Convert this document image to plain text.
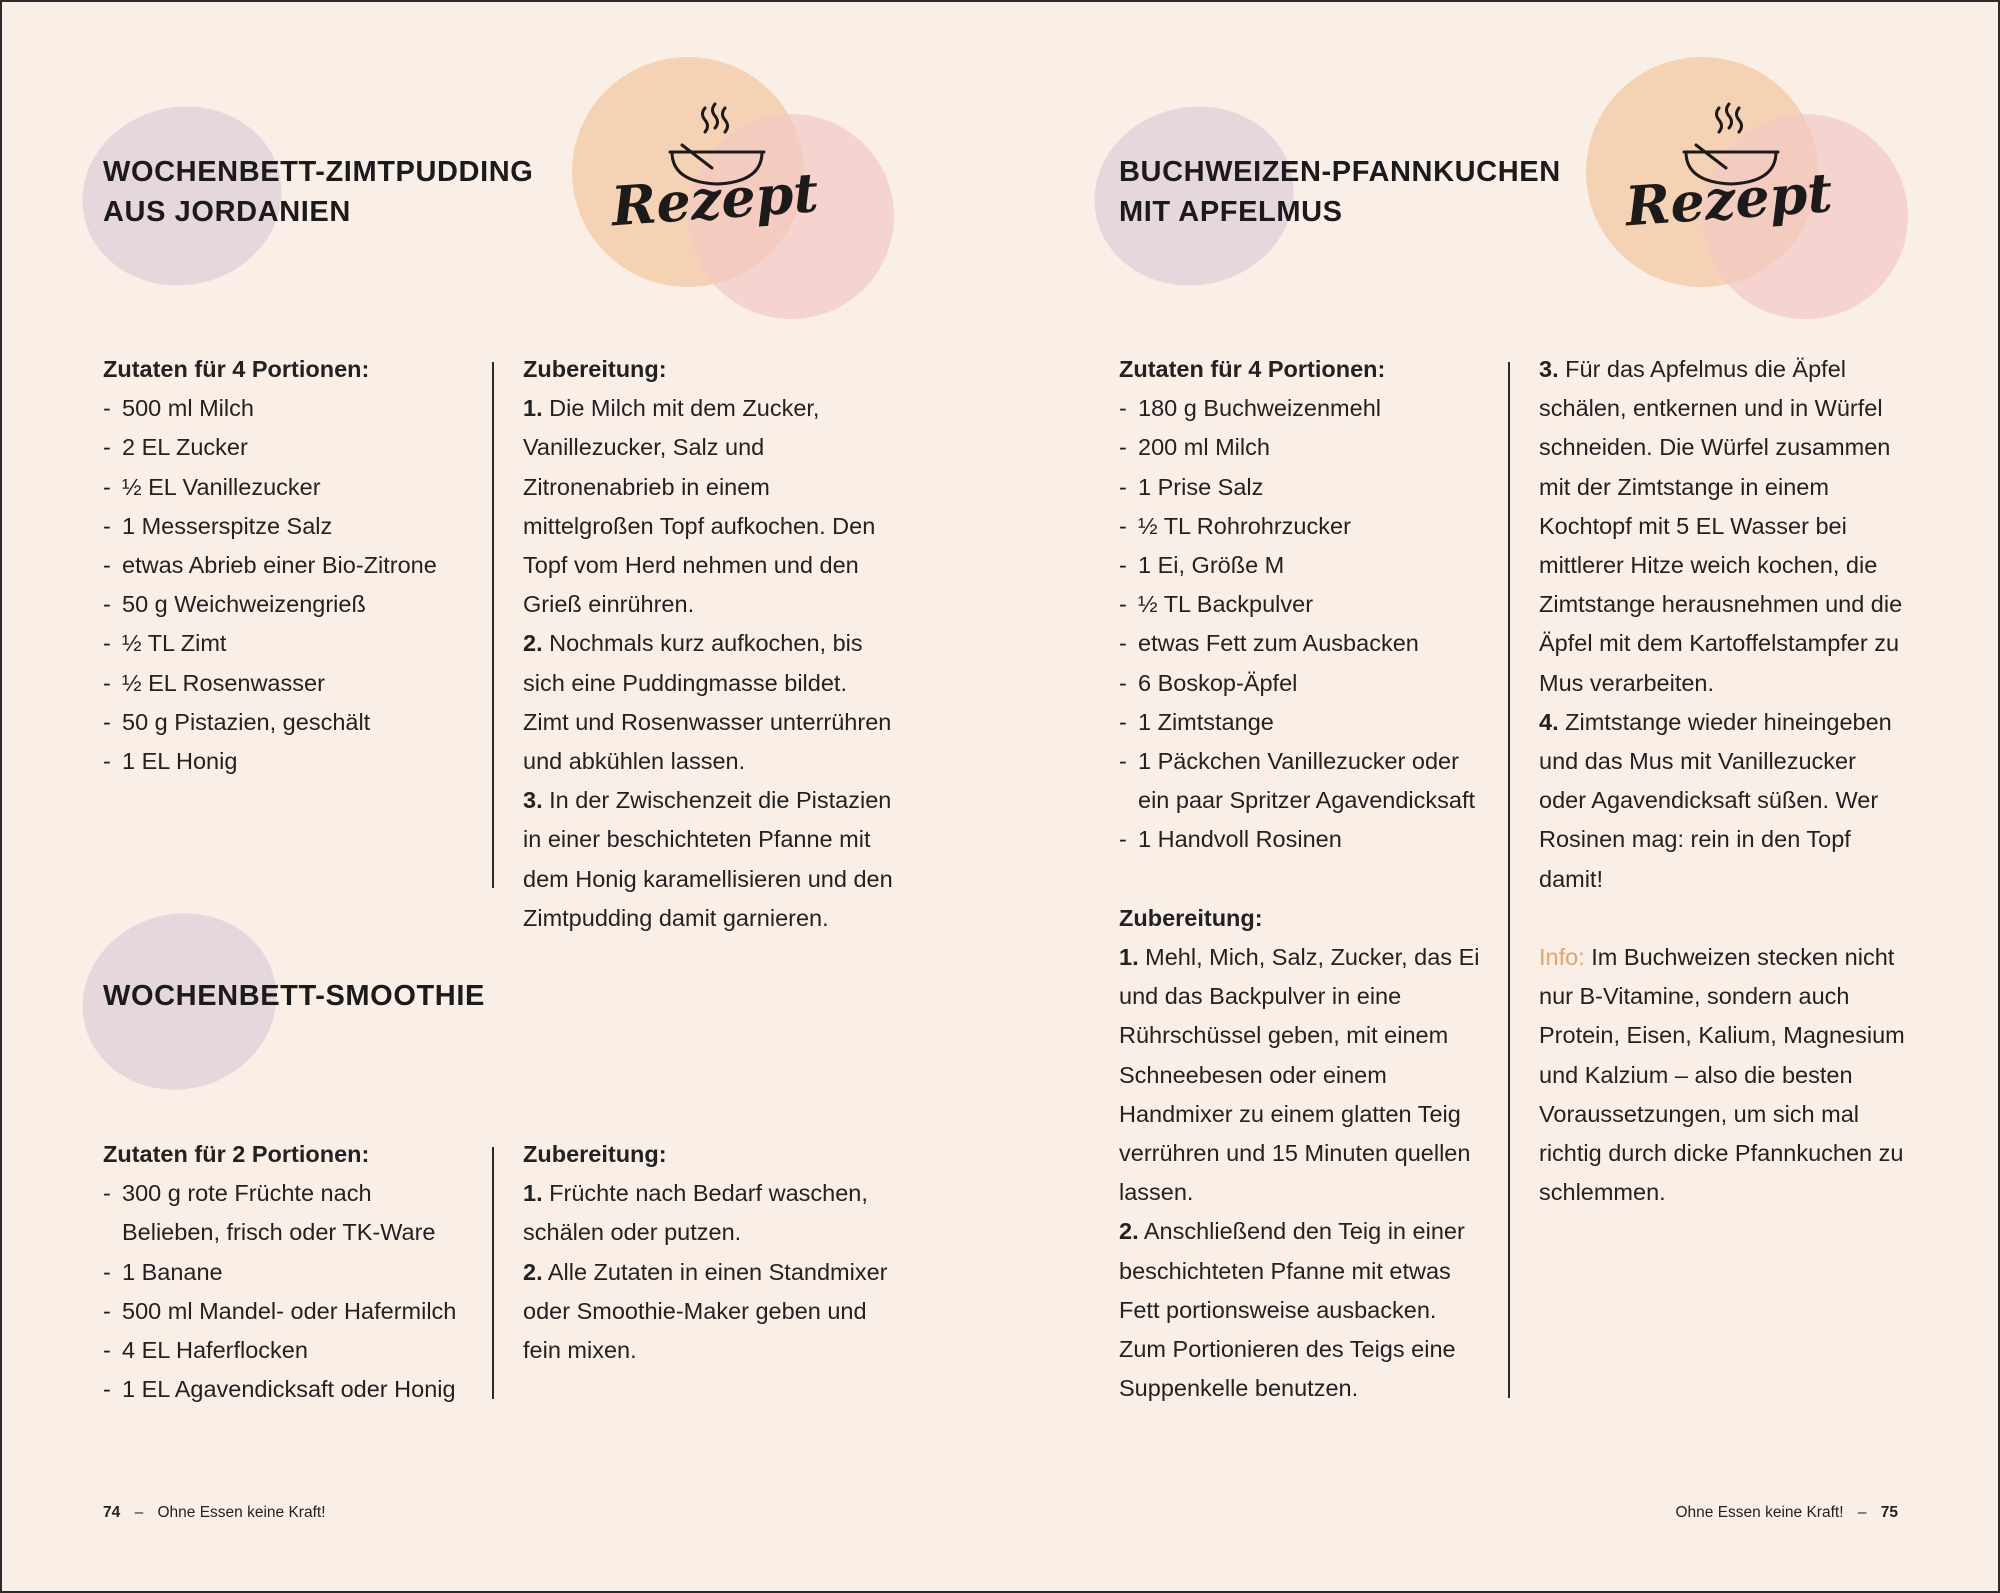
WOCHENBETT-ZIMTPUDDING
AUS JORDANIEN	Rezept
Zutaten für 4 Portionen:
- 500 ml Milch
- 2 EL Zucker
- ½ EL Vanillezucker
- 1 Messerspitze Salz
- etwas Abrieb einer Bio-Zitrone
- 50 g Weichweizengrieß
- ½ TL Zimt
- ½ EL Rosenwasser
- 50 g Pistazien, geschält
- 1 EL Honig
Zubereitung:

1. Die Milch mit dem Zucker, Vanillezucker, Salz und Zitronenabrieb in einem mittelgroßen Topf aufkochen. Den Topf vom Herd nehmen und den Grieß einrühren.

2. Nochmals kurz aufkochen, bis sich eine Puddingmasse bildet. Zimt und Rosenwasser unterrühren und abkühlen lassen.

3. In der Zwischenzeit die Pistazien in einer beschichteten Pfanne mit dem Honig karamellisieren und den Zimtpudding damit garnieren.

WOCHENBETT-SMOOTHIE
Zutaten für 2 Portionen:
- 300 g rote Früchte nach Belieben, frisch oder TK-Ware
- 1 Banane
- 500 ml Mandel- oder Hafermilch
- 4 EL Haferflocken
- 1 EL Agavendicksaft oder Honig
Zubereitung:

1. Früchte nach Bedarf waschen, schälen oder putzen.

2. Alle Zutaten in einen Standmixer oder Smoothie-Maker geben und fein mixen.

BUCHWEIZEN-PFANNKUCHEN
MIT APFELMUS	Rezept
Zutaten für 4 Portionen:
- 180 g Buchweizenmehl
- 200 ml Milch
- 1 Prise Salz
- ½ TL Rohrohrzucker
- 1 Ei, Größe M
- ½ TL Backpulver
- etwas Fett zum Ausbacken
- 6 Boskop-Äpfel
- 1 Zimtstange
- 1 Päckchen Vanillezucker oder ein paar Spritzer Agavendicksaft
- 1 Handvoll Rosinen
Zubereitung:

1. Mehl, Mich, Salz, Zucker, das Ei und das Backpulver in eine Rührschüssel geben, mit einem Schneebesen oder einem Handmixer zu einem glatten Teig verrühren und 15 Minuten quellen lassen.

2. Anschließend den Teig in einer beschichteten Pfanne mit etwas Fett portionsweise ausbacken. Zum Portionieren des Teigs eine Suppenkelle benutzen.

3. Für das Apfelmus die Äpfel schälen, entkernen und in Würfel schneiden. Die Würfel zusammen mit der Zimtstange in einem Kochtopf mit 5 EL Wasser bei mittlerer Hitze weich kochen, die Zimtstange herausnehmen und die Äpfel mit dem Kartoffelstampfer zu Mus verarbeiten.

4. Zimtstange wieder hineingeben und das Mus mit Vanillezucker oder Agavendicksaft süßen. Wer Rosinen mag: rein in den Topf damit!

Info: Im Buchweizen stecken nicht nur B-Vitamine, sondern auch Protein, Eisen, Kalium, Magnesium und Kalzium – also die besten Voraussetzungen, um sich mal richtig durch dicke Pfannkuchen zu schlemmen.

74 – Ohne Essen keine Kraft!	Ohne Essen keine Kraft! – 75
